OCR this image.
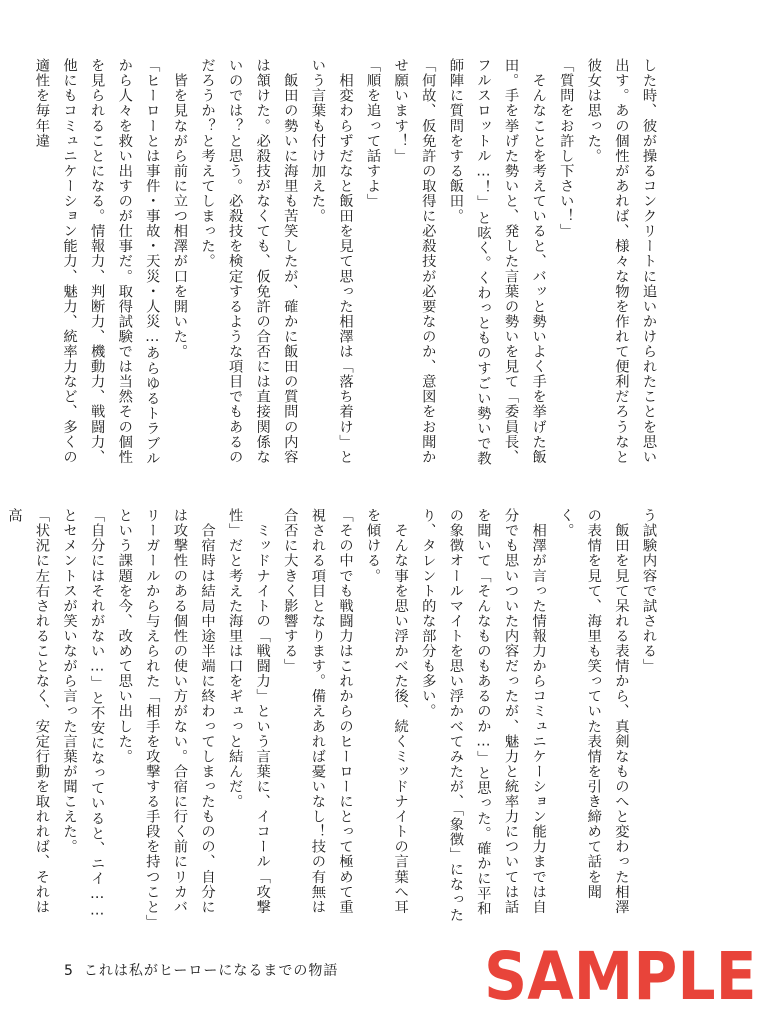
した時、彼が操るコンクリートに追いかけられたことを思い出す。あの個性があれば、様々な物を作れて便利だろうなと彼女は思った。

「質問をお許し下さい！」

　そんなことを考えていると、バッと勢いよく手を挙げた飯田。手を挙げた勢いと、発した言葉の勢いを見て「委員長、フルスロットル…！」と呟く。くわっとものすごい勢いで教師陣に質問をする飯田。

「何故、仮免許の取得に必殺技が必要なのか、意図をお聞かせ願います！」

「順を追って話すよ」

　相変わらずだなと飯田を見て思った相澤は「落ち着け」という言葉も付け加えた。

　飯田の勢いに海里も苦笑したが、確かに飯田の質問の内容は頷けた。必殺技がなくても、仮免許の合否には直接関係ないのでは？と思う。必殺技を検定するような項目でもあるのだろうか？と考えてしまった。

　皆を見ながら前に立つ相澤が口を開いた。

「ヒーローとは事件・事故・天災・人災…あらゆるトラブルから人々を救い出すのが仕事だ。取得試験では当然その個性を見られることになる。情報力、判断力、機動力、戦闘力、他にもコミュニケーション能力、魅力、統率力など、多くの適性を毎年違

う試験内容で試される」

　飯田を見て呆れる表情から、真剣なものへと変わった相澤の表情を見て、海里も笑っていた表情を引き締めて話を聞く。

　相澤が言った情報力からコミュニケーション能力までは自分でも思いついた内容だったが、魅力と統率力については話を聞いて「そんなものもあるのか…」と思った。確かに平和の象徴オールマイトを思い浮かべてみたが、「象徴」になったり、タレント的な部分も多い。

　そんな事を思い浮かべた後、続くミッドナイトの言葉へ耳を傾ける。

「その中でも戦闘力はこれからのヒーローにとって極めて重視される項目となります。備えあれば憂いなし！技の有無は合否に大きく影響する」

　ミッドナイトの「戦闘力」という言葉に、イコール「攻撃性」だと考えた海里は口をギュっと結んだ。

　合宿時は結局中途半端に終わってしまったものの、自分には攻撃性のある個性の使い方がない。合宿に行く前にリカバリーガールから与えられた「相手を攻撃する手段を持つこと」という課題を今、改めて思い出した。

「自分にはそれがない…」と不安になっていると、ニイ……とセメントスが笑いながら言った言葉が聞こえた。

「状況に左右されることなく、安定行動を取れれば、それは高

5 これは私がヒーローになるまでの物語 SAMPLE
